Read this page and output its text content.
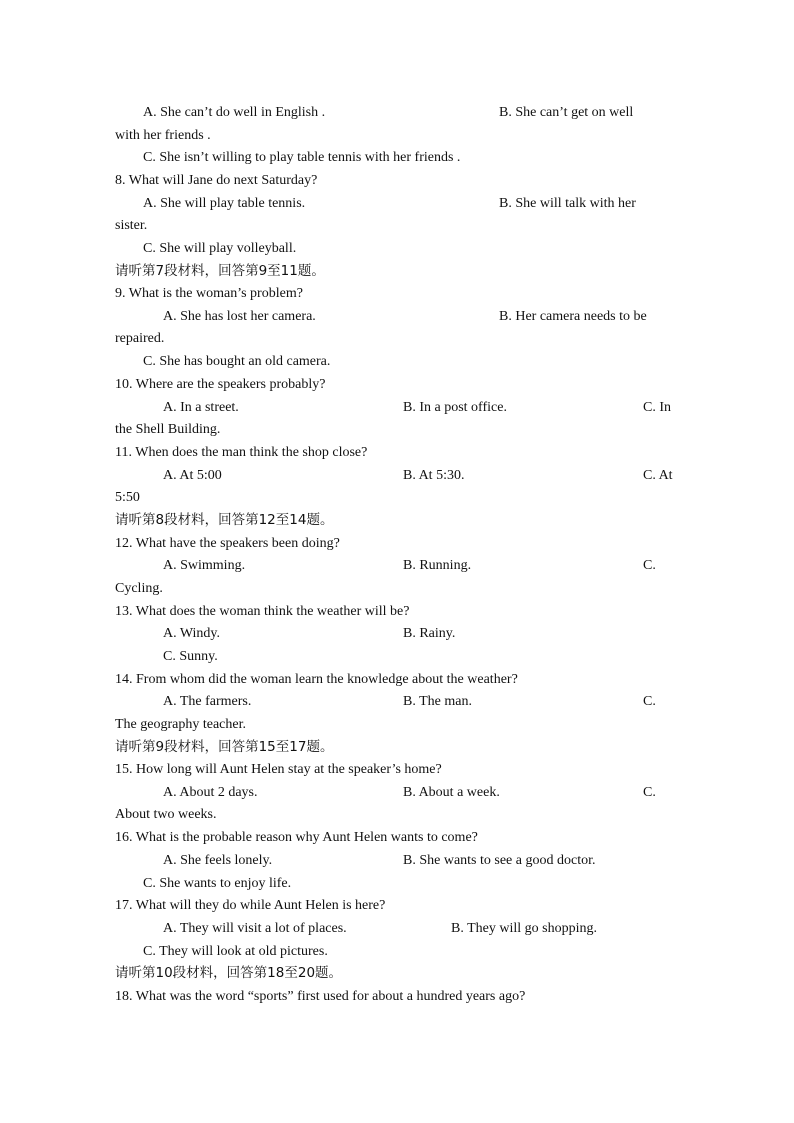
A. She can’t do well in English .	B. She can’t get on well
with her friends .
C. She isn’t willing to play table tennis with her friends .
8. What will Jane do next Saturday?
A. She will play table tennis.	B. She will talk with her
sister.
C. She will play volleyball.
请听第7段材料，回答第9至11题。
9. What is the woman’s problem?
A. She has lost her camera.	B. Her camera needs to be
repaired.
C. She has bought an old camera.
10. Where are the speakers probably?
A. In a street.	B. In a post office.	C. In
the Shell Building.
11. When does the man think the shop close?
A. At 5:00	B. At 5:30.	C. At
5:50
请听第8段材料，回答第12至14题。
12. What have the speakers been doing?
A. Swimming.	B. Running.	C.
Cycling.
13. What does the woman think the weather will be?
A. Windy.	B. Rainy.
C. Sunny.
14. From whom did the woman learn the knowledge about the weather?
A. The farmers.	B. The man.	C.
The geography teacher.
请听第9段材料，回答第15至17题。
15. How long will Aunt Helen stay at the speaker’s home?
A. About 2 days.	B. About a week.	C.
About two weeks.
16. What is the probable reason why Aunt Helen wants to come?
A. She feels lonely.	B. She wants to see a good doctor.
C. She wants to enjoy life.
17. What will they do while Aunt Helen is here?
A. They will visit a lot of places.	B. They will go shopping.
C. They will look at old pictures.
请听第10段材料，回答第18至20题。
18. What was the word “sports” first used for about a hundred years ago?
